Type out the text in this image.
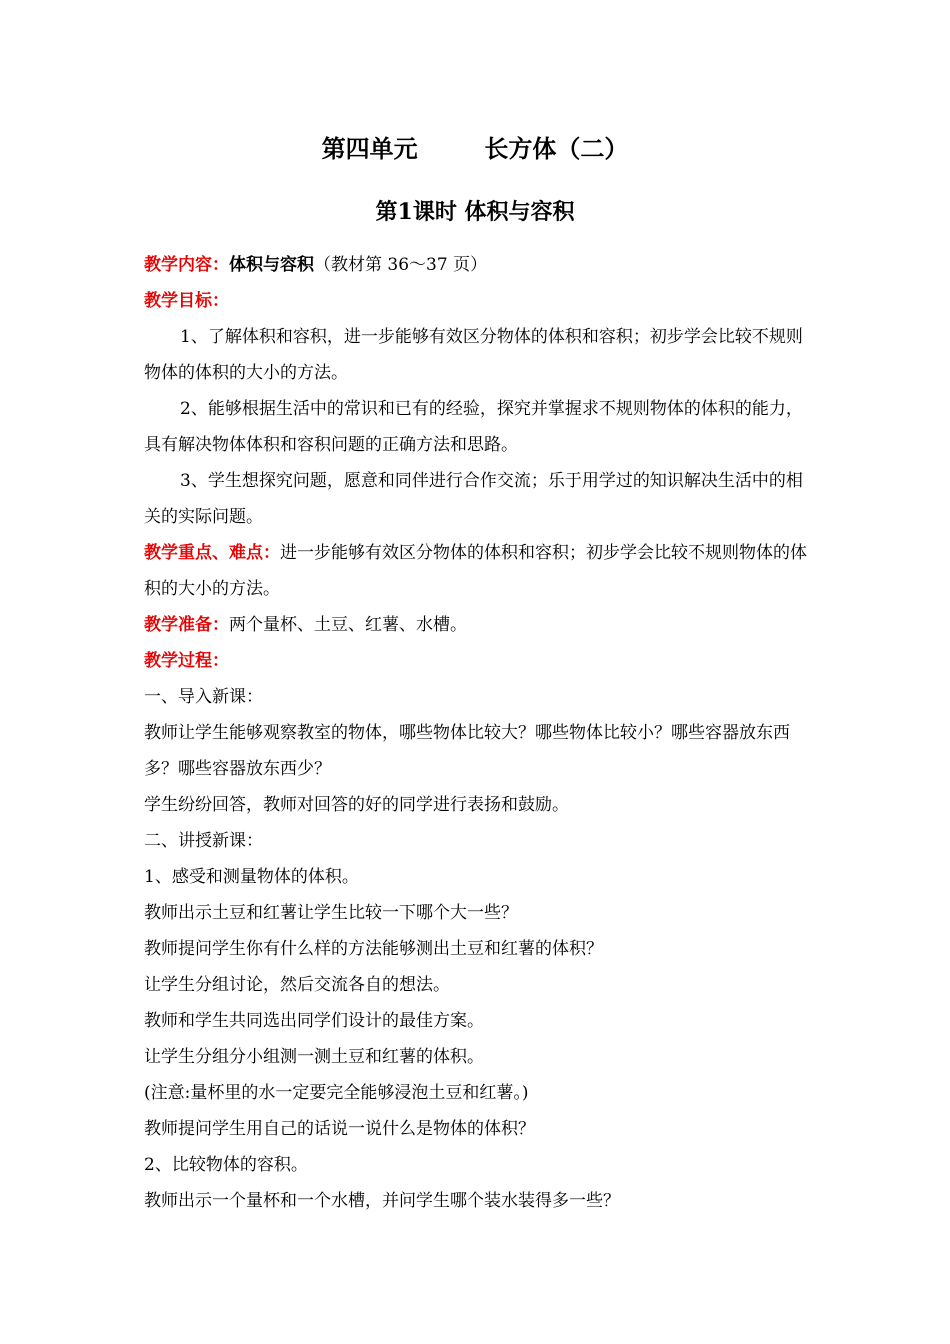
第四单元        长方体（二）
第1课时 体积与容积

教学内容：体积与容积（教材第 36～37 页）

教学目标：

1、了解体积和容积，进一步能够有效区分物体的体积和容积；初步学会比较不规则物体的体积的大小的方法。

2、能够根据生活中的常识和已有的经验，探究并掌握求不规则物体的体积的能力，具有解决物体体积和容积问题的正确方法和思路。

3、学生想探究问题，愿意和同伴进行合作交流；乐于用学过的知识解决生活中的相关的实际问题。

教学重点、难点：进一步能够有效区分物体的体积和容积；初步学会比较不规则物体的体积的大小的方法。

教学准备：两个量杯、土豆、红薯、水槽。

教学过程：

一、导入新课：

教师让学生能够观察教室的物体，哪些物体比较大？哪些物体比较小？哪些容器放东西多？哪些容器放东西少？

学生纷纷回答，教师对回答的好的同学进行表扬和鼓励。

二、讲授新课：

1、感受和测量物体的体积。

教师出示土豆和红薯让学生比较一下哪个大一些？

教师提问学生你有什么样的方法能够测出土豆和红薯的体积？

让学生分组讨论，然后交流各自的想法。

教师和学生共同选出同学们设计的最佳方案。

让学生分组分小组测一测土豆和红薯的体积。

(注意:量杯里的水一定要完全能够浸泡土豆和红薯。)

教师提问学生用自己的话说一说什么是物体的体积？

2、比较物体的容积。

教师出示一个量杯和一个水槽，并问学生哪个装水装得多一些？
